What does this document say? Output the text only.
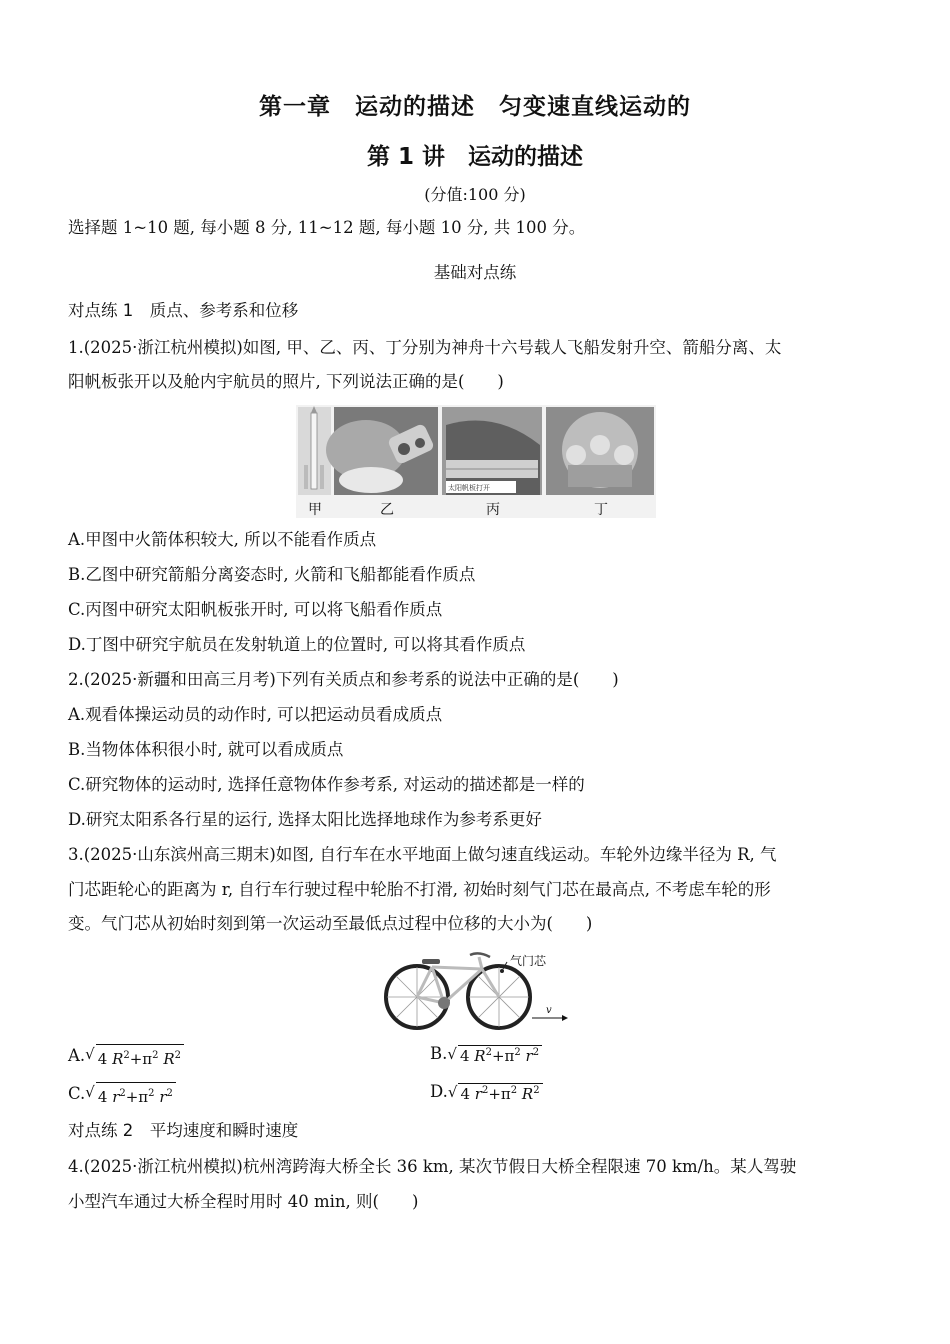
第一章　运动的描述　匀变速直线运动的
第 1 讲　运动的描述
(分值:100 分)
选择题 1~10 题, 每小题 8 分, 11~12 题, 每小题 10 分, 共 100 分。
基础对点练
对点练 1　质点、参考系和位移
1.(2025·浙江杭州模拟)如图, 甲、乙、丙、丁分别为神舟十六号载人飞船发射升空、箭船分离、太
阳帆板张开以及舱内宇航员的照片, 下列说法正确的是(　　)
太阳帆板打开
甲	乙	丙	丁
A.甲图中火箭体积较大, 所以不能看作质点
B.乙图中研究箭船分离姿态时, 火箭和飞船都能看作质点
C.丙图中研究太阳帆板张开时, 可以将飞船看作质点
D.丁图中研究宇航员在发射轨道上的位置时, 可以将其看作质点
2.(2025·新疆和田高三月考)下列有关质点和参考系的说法中正确的是(　　)
A.观看体操运动员的动作时, 可以把运动员看成质点
B.当物体体积很小时, 就可以看成质点
C.研究物体的运动时, 选择任意物体作参考系, 对运动的描述都是一样的
D.研究太阳系各行星的运行, 选择太阳比选择地球作为参考系更好
3.(2025·山东滨州高三期末)如图, 自行车在水平地面上做匀速直线运动。车轮外边缘半径为 R, 气
门芯距轮心的距离为 r, 自行车行驶过程中轮胎不打滑, 初始时刻气门芯在最高点, 不考虑车轮的形
变。气门芯从初始时刻到第一次运动至最低点过程中位移的大小为(　　)
气门芯
v
A. √ 4 $R^2+\pi^2$ $R^2$	B. √ 4 $R^2+\pi^2$ $r^2$
C. √ 4 $r^2+\pi^2$ $r^2$	D. √ 4 $r^2+\pi^2$ $R^2$
对点练 2　平均速度和瞬时速度
4.(2025·浙江杭州模拟)杭州湾跨海大桥全长 36 km, 某次节假日大桥全程限速 70 km/h。某人驾驶
小型汽车通过大桥全程时用时 40 min, 则(　　)
